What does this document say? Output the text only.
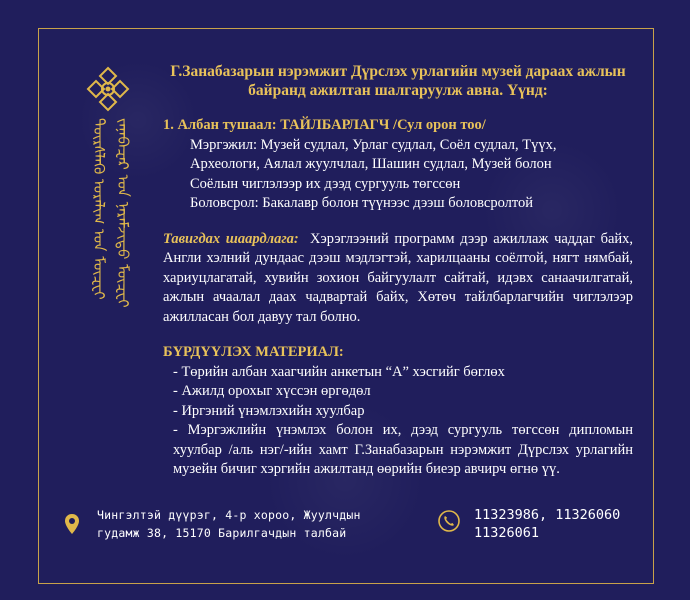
ᠳᠦᠷᠰᠯᠡᠬᠦ ᠤᠷᠠᠯᠢᠭ ᠤᠨ ᠮᠦᠽᠧᠢ ᠵᠠᠨᠠᠪᠠᠽᠠᠷ ᠤᠨ ᠨᠡᠷᠡᠮᠵᠢᠲᠦ ᠮᠦᠽᠧᠢ

Г.Занабазарын нэрэмжит Дүрслэх урлагийн музей дараах ажлын байранд ажилтан шалгаруулж авна. Үүнд:

1. Албан тушаал: ТАЙЛБАРЛАГЧ /Сул орон тоо/
Мэргэжил: Музей судлал, Урлаг судлал, Соёл судлал, Түүх,
Археологи, Аялал жуулчлал, Шашин судлал, Музей болон
Соёлын чиглэлээр их дээд сургууль төгссөн
Боловсрол: Бакалавр болон түүнээс дээш боловсролтой
Тавигдах шаардлага: Хэрэглээний программ дээр ажиллаж чаддаг байх, Англи хэлний дундаас дээш мэдлэгтэй, харилцааны соёлтой, нягт нямбай, хариуцлагатай, хувийн зохион байгуулалт сайтай, идэвх санаачилгатай, ажлын ачаалал даах чадвартай байх, Хөтөч тайлбарлагчийн чиглэлээр ажилласан бол давуу тал болно.
БҮРДҮҮЛЭХ МАТЕРИАЛ:
- Төрийн албан хаагчийн анкетын “А” хэсгийг бөглөх
- Ажилд орохыг хүссэн өргөдөл
- Иргэний үнэмлэхийн хуулбар
- Мэргэжлийн үнэмлэх болон их, дээд сургууль төгссөн дипломын хуулбар /аль нэг/-ийн хамт Г.Занабазарын нэрэмжит Дүрслэх урлагийн музейн бичиг хэргийн ажилтанд өөрийн биеэр авчирч өгнө үү.
Чингэлтэй дүүрэг, 4-р хороо, Жуулчдын
гудамж 38, 15170 Барилгачдын талбай
11323986, 11326060
11326061
